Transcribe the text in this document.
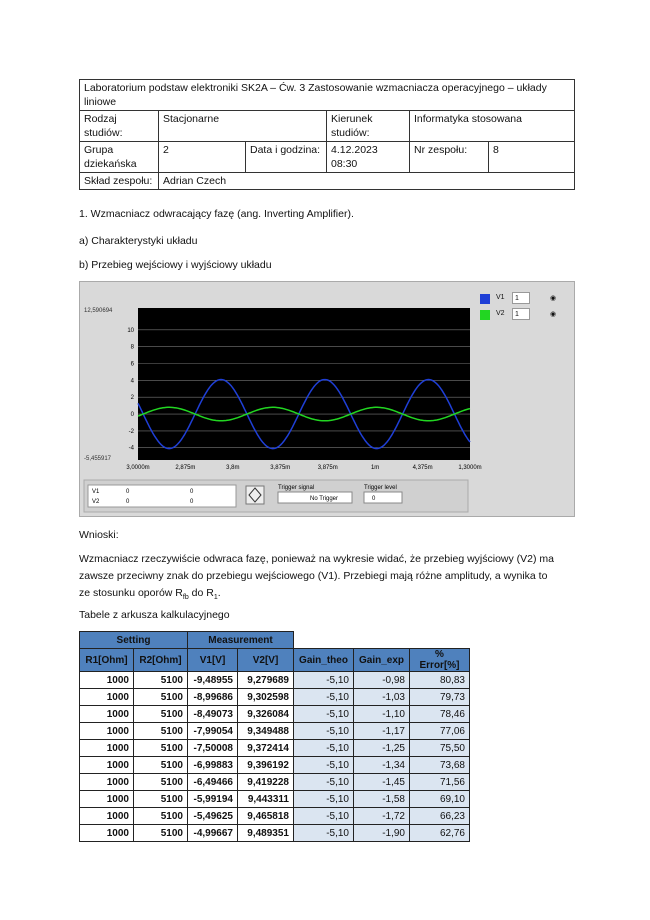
Laboratorium podstaw elektroniki SK2A – Ćw. 3 Zastosowanie wzmacniacza operacyjnego – układy liniowe					
Rodzaj studiów:	Stacjonarne		Kierunek studiów:	Informatyka stosowana	
Grupa dziekańska	2	Data i godzina:	4.12.2023 08:30	Nr zespołu:	8
Skład zespołu:	Adrian Czech				
1. Wzmacniacz odwracający fazę (ang. Inverting Amplifier).
a) Charakterystyki układu
b) Przebieg wejściowy i wyjściowy układu
10
8
6
4
2
0
-2
-4
3,0000m	2,875m	3,8m	3,875m	3,875m	1m	4,375m	1,3000m
12,590694
-5,455917
V1	0	0
V2	0	0
Trigger signal
No Trigger
Trigger level
0
V1	1	◉
V2	1	◉
Wnioski:
Wzmacniacz rzeczywiście odwraca fazę, ponieważ na wykresie widać, że przebieg wyjściowy (V2) ma
zawsze przeciwny znak do przebiegu wejściowego (V1). Przebiegi mają różne amplitudy, a wynika to
ze stosunku oporów $R_{fb}$ do $R_1$.
Tabele z arkusza kalkulacyjnego
Setting		Measurement				
R1[Ohm]	R2[Ohm]	V1[V]	V2[V]	Gain_theo	Gain_exp	% Error[%]
1000	5100	-9,48955	9,279689	-5,10	-0,98	80,83
1000	5100	-8,99686	9,302598	-5,10	-1,03	79,73
1000	5100	-8,49073	9,326084	-5,10	-1,10	78,46
1000	5100	-7,99054	9,349488	-5,10	-1,17	77,06
1000	5100	-7,50008	9,372414	-5,10	-1,25	75,50
1000	5100	-6,99883	9,396192	-5,10	-1,34	73,68
1000	5100	-6,49466	9,419228	-5,10	-1,45	71,56
1000	5100	-5,99194	9,443311	-5,10	-1,58	69,10
1000	5100	-5,49625	9,465818	-5,10	-1,72	66,23
1000	5100	-4,99667	9,489351	-5,10	-1,90	62,76
